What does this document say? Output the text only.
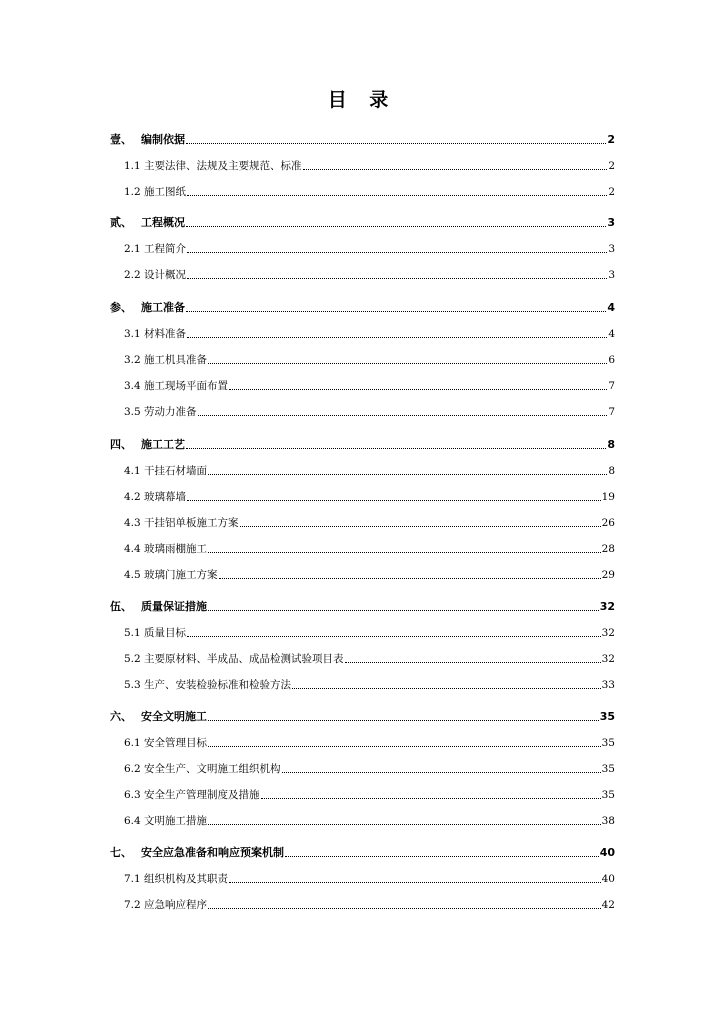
目 录
壹、 编制依据	2
1.1 主要法律、法规及主要规范、标准	2
1.2 施工图纸	2
贰、 工程概况	3
2.1 工程简介	3
2.2 设计概况	3
参、 施工准备	4
3.1 材料准备	4
3.2 施工机具准备	6
3.4 施工现场平面布置	7
3.5 劳动力准备	7
四、 施工工艺	8
4.1 干挂石材墙面	8
4.2 玻璃幕墙	19
4.3 干挂铝单板施工方案	26
4.4 玻璃雨棚施工	28
4.5 玻璃门施工方案	29
伍、 质量保证措施	32
5.1 质量目标	32
5.2 主要原材料、半成品、成品检测试验项目表	32
5.3 生产、安装检验标准和检验方法	33
六、 安全文明施工	35
6.1 安全管理目标	35
6.2 安全生产、文明施工组织机构	35
6.3 安全生产管理制度及措施	35
6.4 文明施工措施	38
七、 安全应急准备和响应预案机制	40
7.1 组织机构及其职责	40
7.2 应急响应程序	42
